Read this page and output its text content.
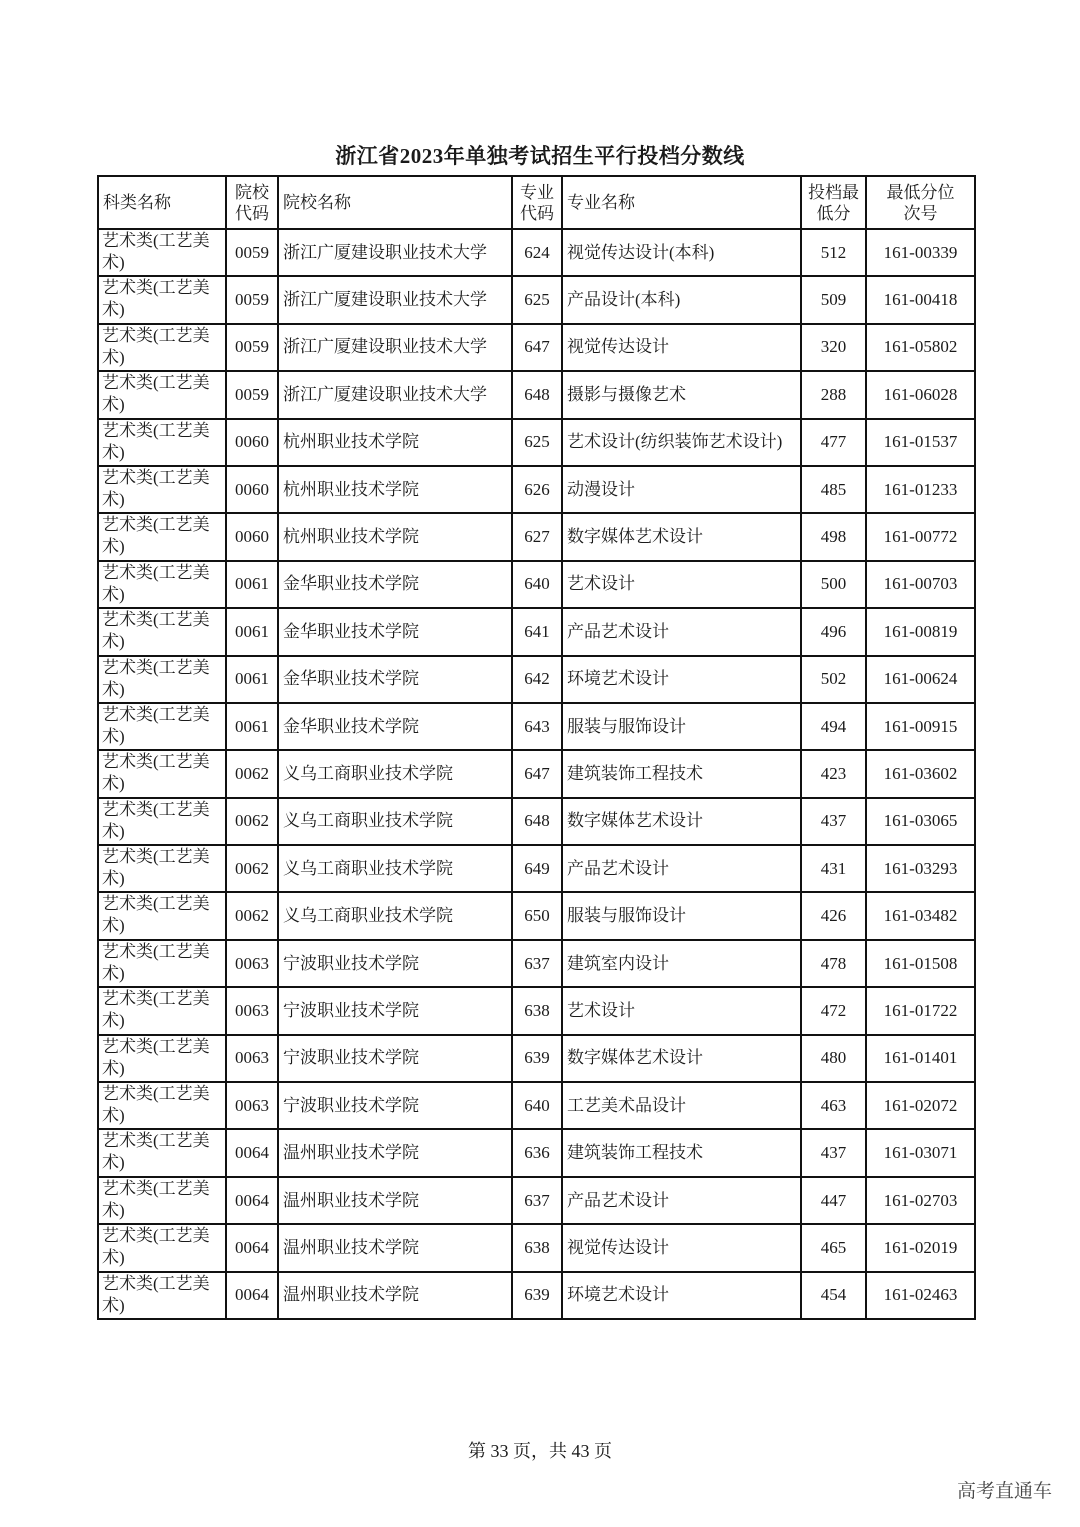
浙江省2023年单独考试招生平行投档分数线
科类名称	院校代码	院校名称	专业代码	专业名称	投档最低分	最低分位次号
艺术类(工艺美术)	0059	浙江广厦建设职业技术大学	624	视觉传达设计(本科)	512	161-00339
艺术类(工艺美术)	0059	浙江广厦建设职业技术大学	625	产品设计(本科)	509	161-00418
艺术类(工艺美术)	0059	浙江广厦建设职业技术大学	647	视觉传达设计	320	161-05802
艺术类(工艺美术)	0059	浙江广厦建设职业技术大学	648	摄影与摄像艺术	288	161-06028
艺术类(工艺美术)	0060	杭州职业技术学院	625	艺术设计(纺织装饰艺术设计)	477	161-01537
艺术类(工艺美术)	0060	杭州职业技术学院	626	动漫设计	485	161-01233
艺术类(工艺美术)	0060	杭州职业技术学院	627	数字媒体艺术设计	498	161-00772
艺术类(工艺美术)	0061	金华职业技术学院	640	艺术设计	500	161-00703
艺术类(工艺美术)	0061	金华职业技术学院	641	产品艺术设计	496	161-00819
艺术类(工艺美术)	0061	金华职业技术学院	642	环境艺术设计	502	161-00624
艺术类(工艺美术)	0061	金华职业技术学院	643	服装与服饰设计	494	161-00915
艺术类(工艺美术)	0062	义乌工商职业技术学院	647	建筑装饰工程技术	423	161-03602
艺术类(工艺美术)	0062	义乌工商职业技术学院	648	数字媒体艺术设计	437	161-03065
艺术类(工艺美术)	0062	义乌工商职业技术学院	649	产品艺术设计	431	161-03293
艺术类(工艺美术)	0062	义乌工商职业技术学院	650	服装与服饰设计	426	161-03482
艺术类(工艺美术)	0063	宁波职业技术学院	637	建筑室内设计	478	161-01508
艺术类(工艺美术)	0063	宁波职业技术学院	638	艺术设计	472	161-01722
艺术类(工艺美术)	0063	宁波职业技术学院	639	数字媒体艺术设计	480	161-01401
艺术类(工艺美术)	0063	宁波职业技术学院	640	工艺美术品设计	463	161-02072
艺术类(工艺美术)	0064	温州职业技术学院	636	建筑装饰工程技术	437	161-03071
艺术类(工艺美术)	0064	温州职业技术学院	637	产品艺术设计	447	161-02703
艺术类(工艺美术)	0064	温州职业技术学院	638	视觉传达设计	465	161-02019
艺术类(工艺美术)	0064	温州职业技术学院	639	环境艺术设计	454	161-02463
第 33 页，共 43 页
高考直通车
